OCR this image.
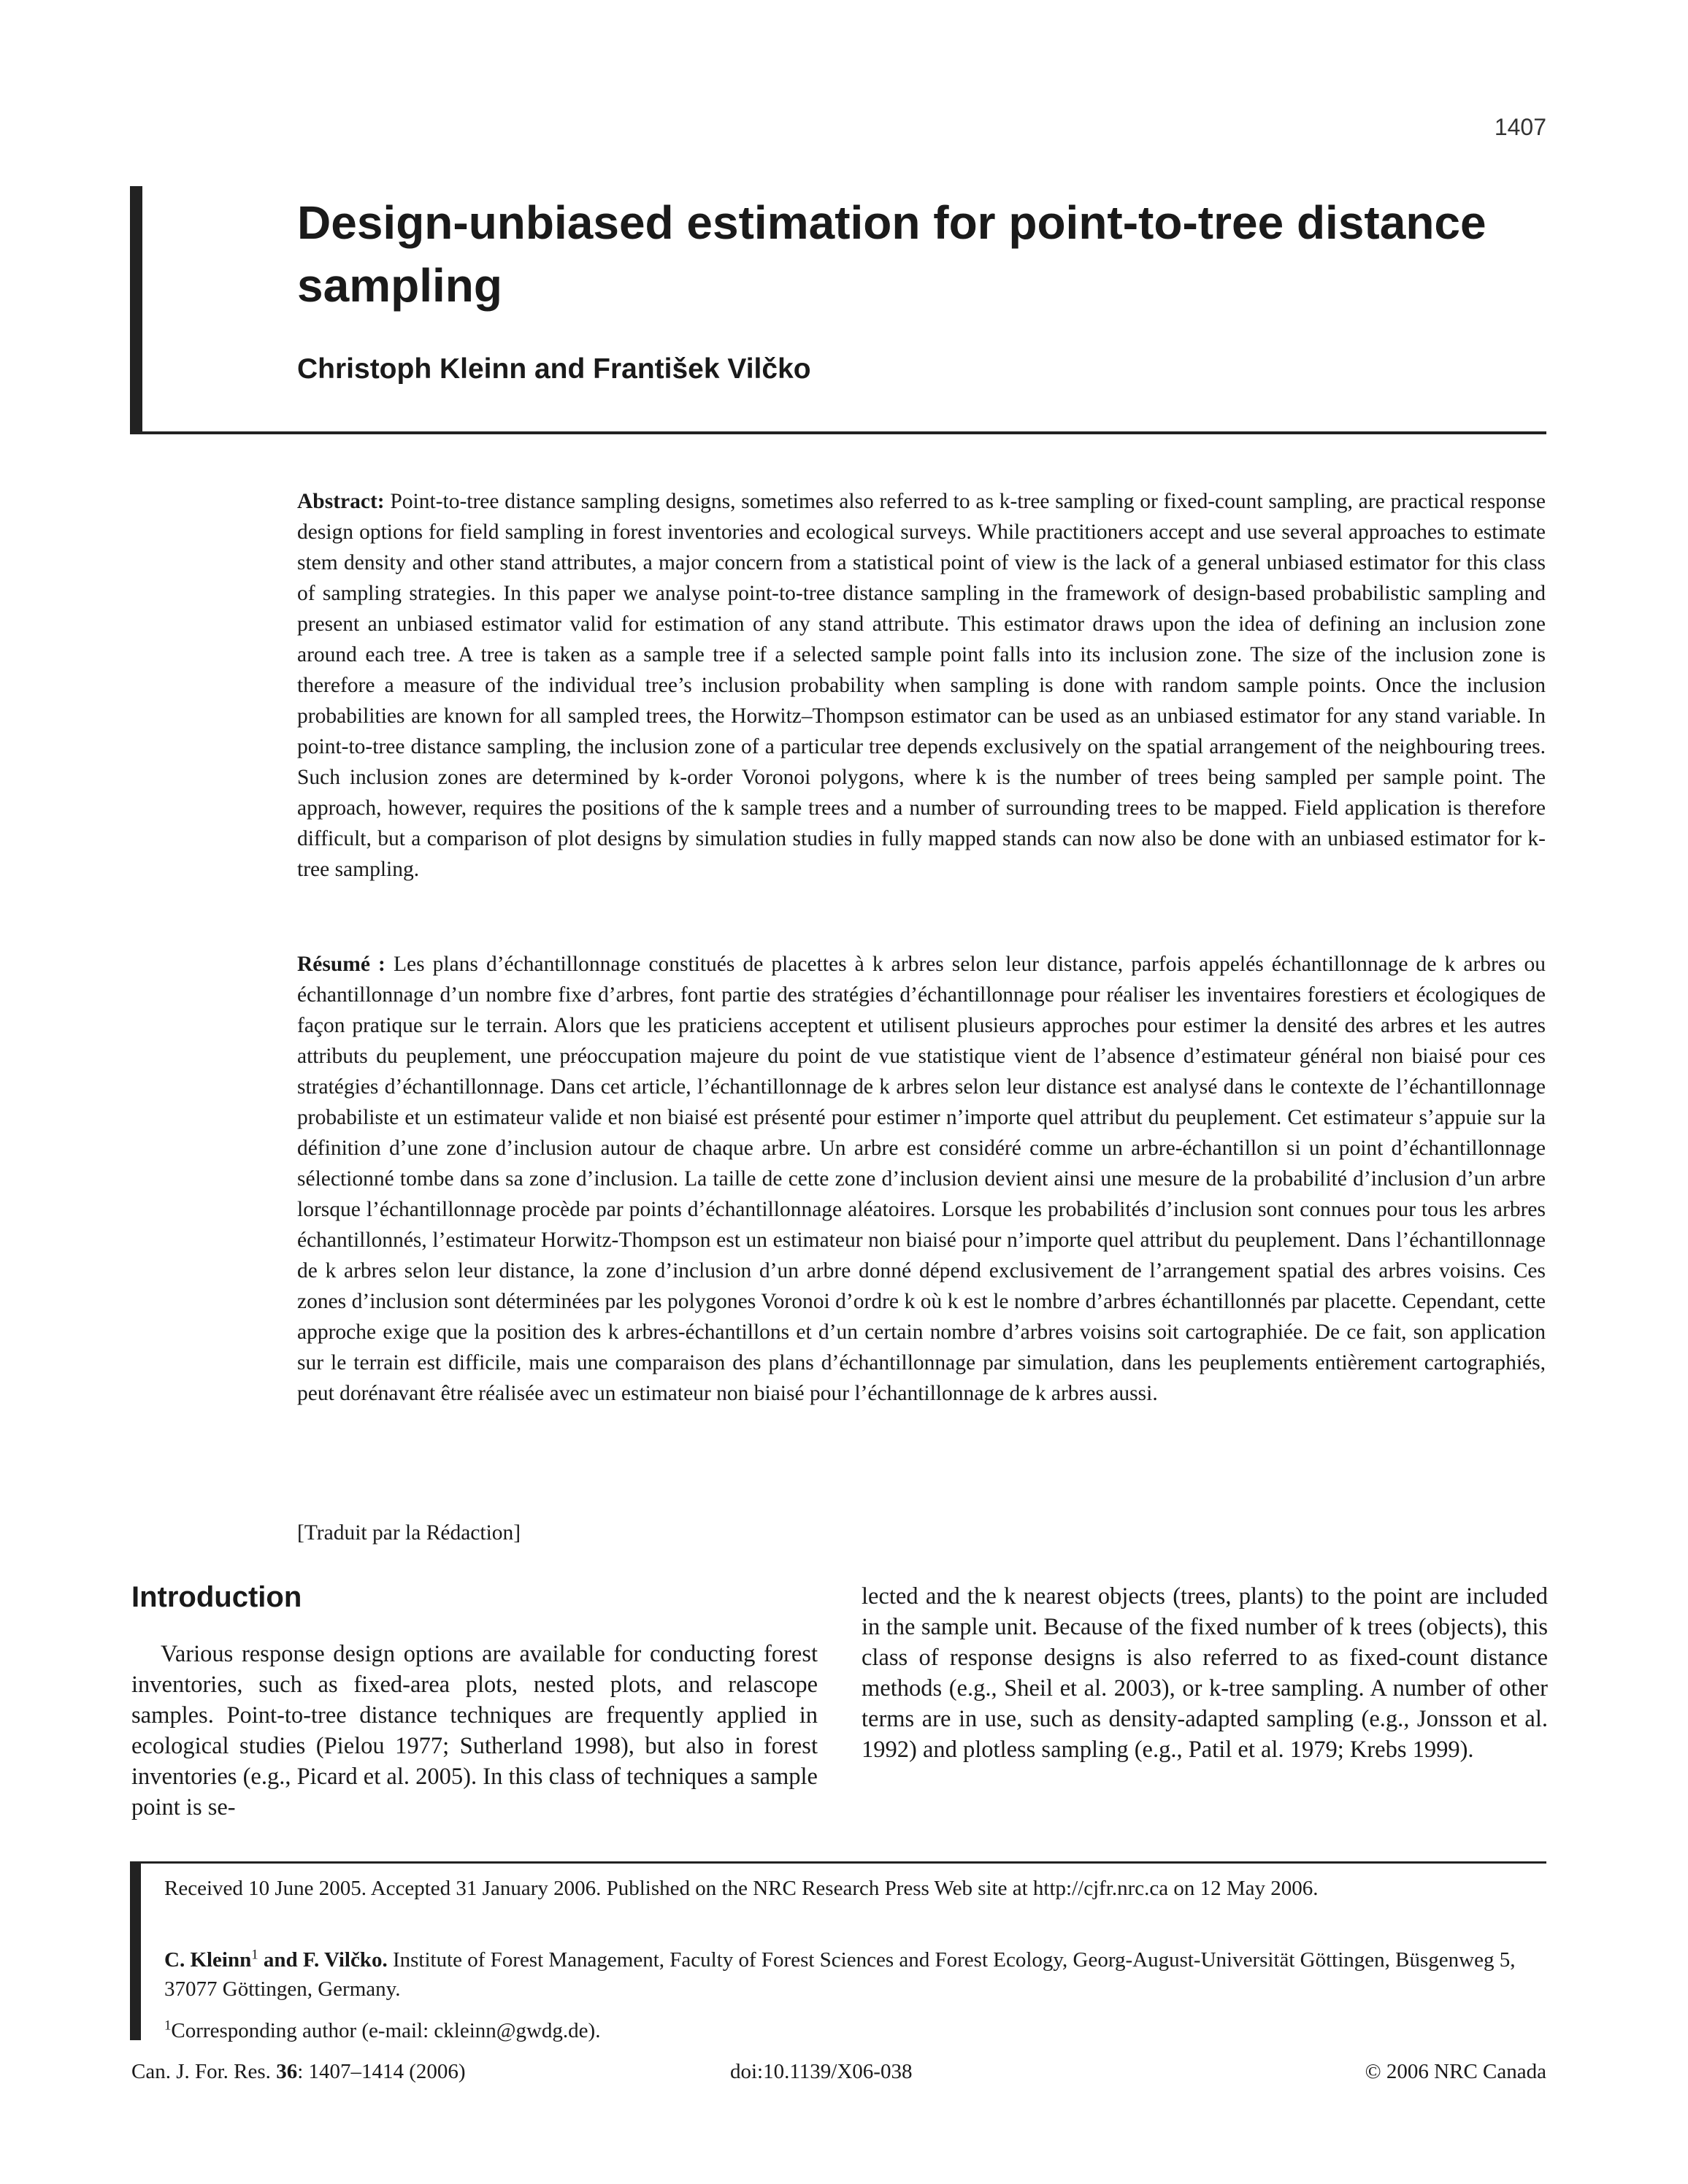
1407
Design-unbiased estimation for point-to-tree distance sampling

Christoph Kleinn and František Vilčko

Abstract: Point-to-tree distance sampling designs, sometimes also referred to as k-tree sampling or fixed-count sampling, are practical response design options for field sampling in forest inventories and ecological surveys. While practitioners accept and use several approaches to estimate stem density and other stand attributes, a major concern from a statistical point of view is the lack of a general unbiased estimator for this class of sampling strategies. In this paper we analyse point-to-tree distance sampling in the framework of design-based probabilistic sampling and present an unbiased estimator valid for estimation of any stand attribute. This estimator draws upon the idea of defining an inclusion zone around each tree. A tree is taken as a sample tree if a selected sample point falls into its inclusion zone. The size of the inclusion zone is therefore a measure of the individual tree’s inclusion probability when sampling is done with random sample points. Once the inclusion probabilities are known for all sampled trees, the Horwitz–Thompson estimator can be used as an unbiased estimator for any stand variable. In point-to-tree distance sampling, the inclusion zone of a particular tree depends exclusively on the spatial arrangement of the neighbouring trees. Such inclusion zones are determined by k-order Voronoi polygons, where k is the number of trees being sampled per sample point. The approach, however, requires the positions of the k sample trees and a number of surrounding trees to be mapped. Field application is therefore difficult, but a comparison of plot designs by simulation studies in fully mapped stands can now also be done with an unbiased estimator for k-tree sampling.

Résumé : Les plans d’échantillonnage constitués de placettes à k arbres selon leur distance, parfois appelés échantillonnage de k arbres ou échantillonnage d’un nombre fixe d’arbres, font partie des stratégies d’échantillonnage pour réaliser les inventaires forestiers et écologiques de façon pratique sur le terrain. Alors que les praticiens acceptent et utilisent plusieurs approches pour estimer la densité des arbres et les autres attributs du peuplement, une préoccupation majeure du point de vue statistique vient de l’absence d’estimateur général non biaisé pour ces stratégies d’échantillonnage. Dans cet article, l’échantillonnage de k arbres selon leur distance est analysé dans le contexte de l’échantillonnage probabiliste et un estimateur valide et non biaisé est présenté pour estimer n’importe quel attribut du peuplement. Cet estimateur s’appuie sur la définition d’une zone d’inclusion autour de chaque arbre. Un arbre est considéré comme un arbre-échantillon si un point d’échantillonnage sélectionné tombe dans sa zone d’inclusion. La taille de cette zone d’inclusion devient ainsi une mesure de la probabilité d’inclusion d’un arbre lorsque l’échantillonnage procède par points d’échantillonnage aléatoires. Lorsque les probabilités d’inclusion sont connues pour tous les arbres échantillonnés, l’estimateur Horwitz-Thompson est un estimateur non biaisé pour n’importe quel attribut du peuplement. Dans l’échantillonnage de k arbres selon leur distance, la zone d’inclusion d’un arbre donné dépend exclusivement de l’arrangement spatial des arbres voisins. Ces zones d’inclusion sont déterminées par les polygones Voronoi d’ordre k où k est le nombre d’arbres échantillonnés par placette. Cependant, cette approche exige que la position des k arbres-échantillons et d’un certain nombre d’arbres voisins soit cartographiée. De ce fait, son application sur le terrain est difficile, mais une comparaison des plans d’échantillonnage par simulation, dans les peuplements entièrement cartographiés, peut dorénavant être réalisée avec un estimateur non biaisé pour l’échantillonnage de k arbres aussi.

[Traduit par la Rédaction]
Introduction

Various response design options are available for conducting forest inventories, such as fixed-area plots, nested plots, and relascope samples. Point-to-tree distance techniques are frequently applied in ecological studies (Pielou 1977; Sutherland 1998), but also in forest inventories (e.g., Picard et al. 2005). In this class of techniques a sample point is se-

lected and the k nearest objects (trees, plants) to the point are included in the sample unit. Because of the fixed number of k trees (objects), this class of response designs is also referred to as fixed-count distance methods (e.g., Sheil et al. 2003), or k-tree sampling. A number of other terms are in use, such as density-adapted sampling (e.g., Jonsson et al. 1992) and plotless sampling (e.g., Patil et al. 1979; Krebs 1999).

Received 10 June 2005. Accepted 31 January 2006. Published on the NRC Research Press Web site at http://cjfr.nrc.ca on 12 May 2006.

C. Kleinn$^1$ and F. Vilčko. Institute of Forest Management, Faculty of Forest Sciences and Forest Ecology, Georg-August-Universität Göttingen, Büsgenweg 5, 37077 Göttingen, Germany.

$^1$Corresponding author (e-mail: ckleinn@gwdg.de).

Can. J. For. Res. 36: 1407–1414 (2006)	doi:10.1139/X06-038	© 2006 NRC Canada
